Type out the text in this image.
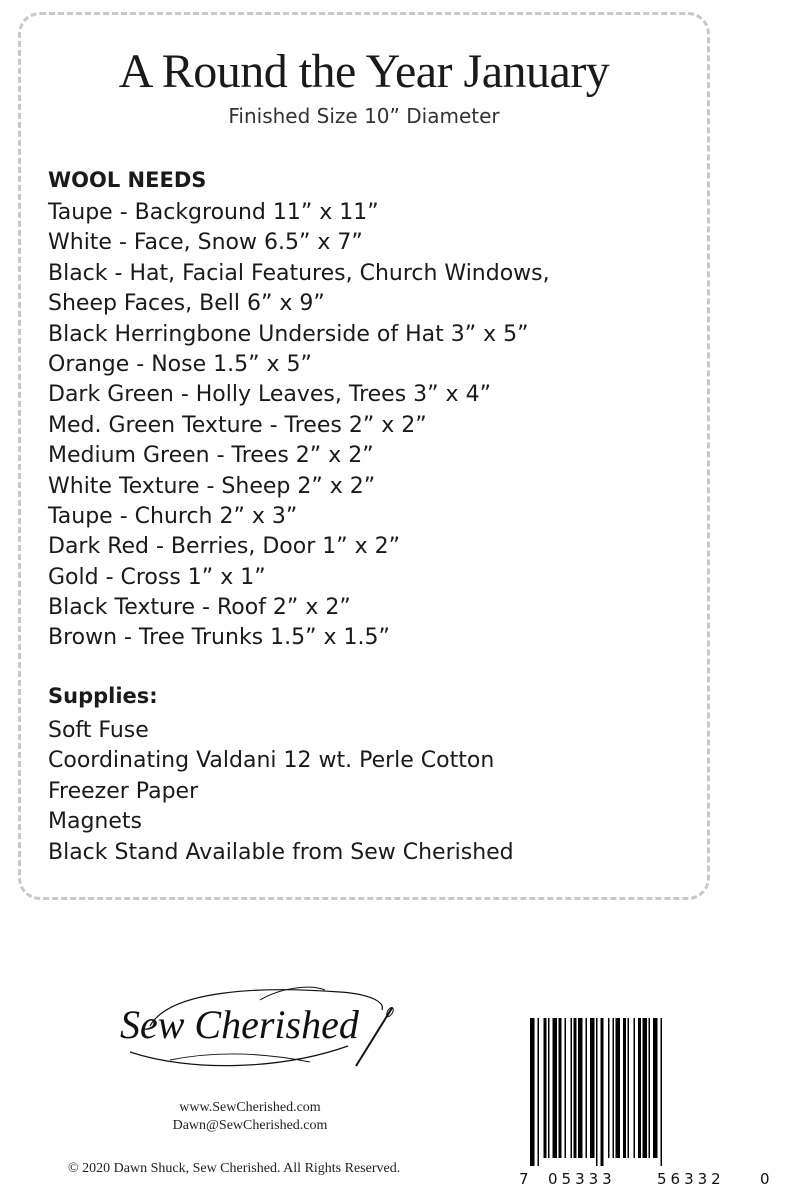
A Round the Year January
Finished Size 10” Diameter
WOOL NEEDS
Taupe - Background 11” x 11”
White - Face, Snow 6.5” x 7”
Black - Hat, Facial Features, Church Windows,
Sheep Faces, Bell 6” x 9”
Black Herringbone Underside of Hat 3” x 5”
Orange - Nose 1.5” x 5”
Dark Green - Holly Leaves, Trees 3” x 4”
Med. Green Texture - Trees 2” x 2”
Medium Green - Trees 2” x 2”
White Texture - Sheep 2” x 2”
Taupe - Church 2” x 3”
Dark Red - Berries, Door 1” x 2”
Gold - Cross 1” x 1”
Black Texture - Roof 2” x 2”
Brown - Tree Trunks 1.5” x 1.5”
Supplies:
Soft Fuse
Coordinating Valdani 12 wt. Perle Cotton
Freezer Paper
Magnets
Black Stand Available from Sew Cherished
Sew Cherished
www.SewCherished.com
Dawn@SewCherished.com
© 2020 Dawn Shuck, Sew Cherished. All Rights Reserved.
7 05333	56332 0
